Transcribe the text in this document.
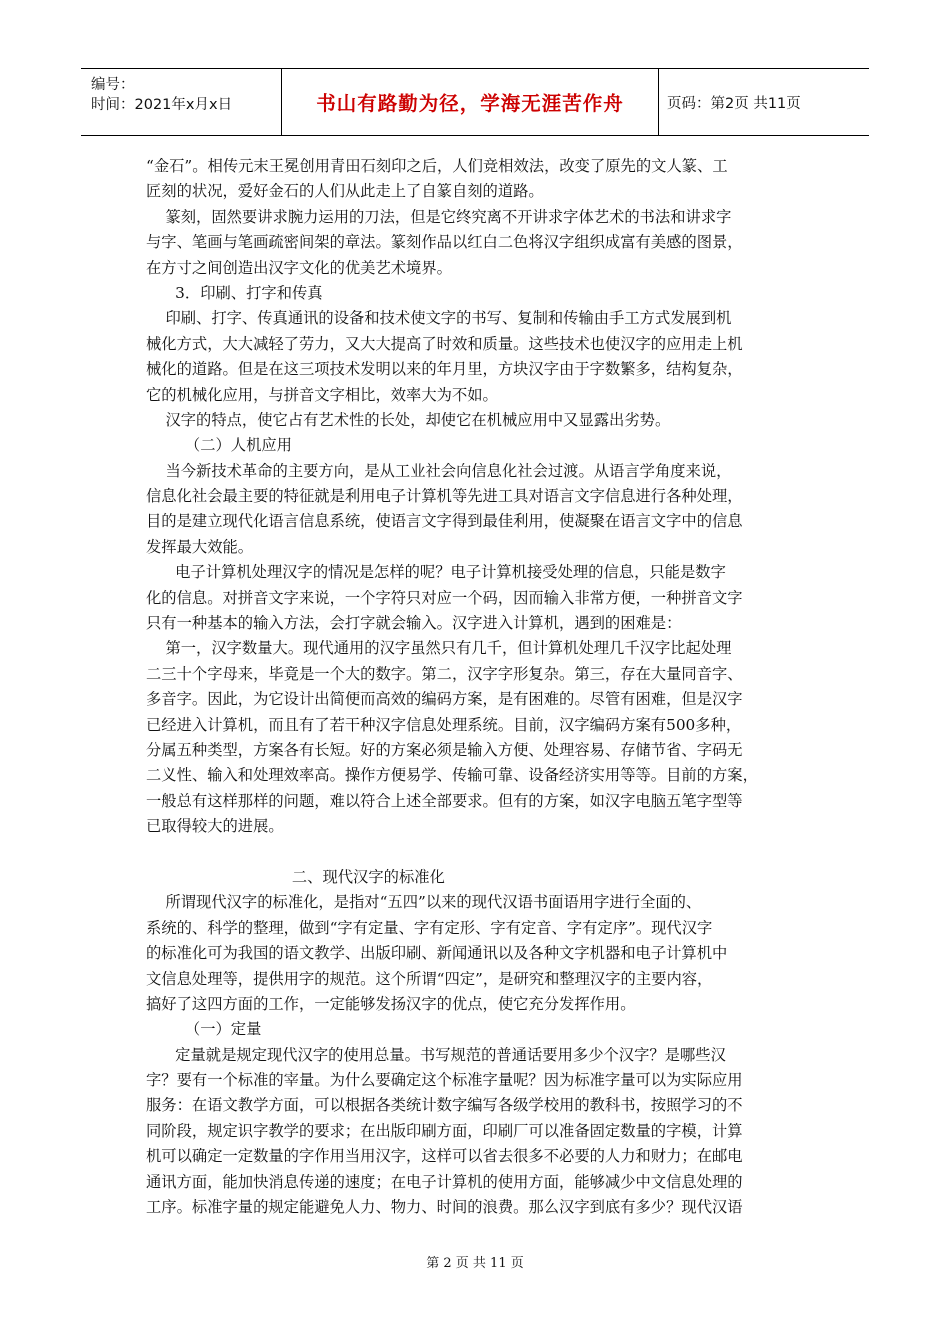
编号：
时间：2021年x月x日	书山有路勤为径，学海无涯苦作舟	页码：第2页 共11页
“金石”。相传元末王冕创用青田石刻印之后，人们竞相效法，改变了原先的文人篆、工
匠刻的状况，爱好金石的人们从此走上了自篆自刻的道路。
篆刻，固然要讲求腕力运用的刀法，但是它终究离不开讲求字体艺术的书法和讲求字
与字、笔画与笔画疏密间架的章法。篆刻作品以红白二色将汉字组织成富有美感的图景，
在方寸之间创造出汉字文化的优美艺术境界。
3．印刷、打字和传真
印刷、打字、传真通讯的设备和技术使文字的书写、复制和传输由手工方式发展到机
械化方式，大大减轻了劳力，又大大提高了时效和质量。这些技术也使汉字的应用走上机
械化的道路。但是在这三项技术发明以来的年月里，方块汉字由于字数繁多，结构复杂，
它的机械化应用，与拼音文字相比，效率大为不如。
汉字的特点，使它占有艺术性的长处，却使它在机械应用中又显露出劣势。
（二）人机应用
当今新技术革命的主要方向，是从工业社会向信息化社会过渡。从语言学角度来说，
信息化社会最主要的特征就是利用电子计算机等先进工具对语言文字信息进行各种处理，
目的是建立现代化语言信息系统，使语言文字得到最佳利用，使凝聚在语言文字中的信息
发挥最大效能。
电子计算机处理汉字的情况是怎样的呢？电子计算机接受处理的信息，只能是数字
化的信息。对拼音文字来说，一个字符只对应一个码，因而输入非常方便，一种拼音文字
只有一种基本的输入方法，会打字就会输入。汉字进入计算机，遇到的困难是：
第一，汉字数量大。现代通用的汉字虽然只有几千，但计算机处理几千汉字比起处理
二三十个字母来，毕竟是一个大的数字。第二，汉字字形复杂。第三，存在大量同音字、
多音字。因此，为它设计出简便而高效的编码方案，是有困难的。尽管有困难，但是汉字
已经进入计算机，而且有了若干种汉字信息处理系统。目前，汉字编码方案有500多种，
分属五种类型，方案各有长短。好的方案必须是输入方便、处理容易、存储节省、字码无
二义性、输入和处理效率高。操作方便易学、传输可靠、设备经济实用等等。目前的方案，
一般总有这样那样的问题，难以符合上述全部要求。但有的方案，如汉字电脑五笔字型等
已取得较大的进展。
二、现代汉字的标准化
所谓现代汉字的标准化，是指对“五四”以来的现代汉语书面语用字进行全面的、
系统的、科学的整理，做到“字有定量、字有定形、字有定音、字有定序”。现代汉字
的标准化可为我国的语文教学、出版印刷、新闻通讯以及各种文字机器和电子计算机中
文信息处理等，提供用字的规范。这个所谓“四定”，是研究和整理汉字的主要内容，
搞好了这四方面的工作，一定能够发扬汉字的优点，使它充分发挥作用。
（一）定量
定量就是规定现代汉字的使用总量。书写规范的普通话要用多少个汉字？是哪些汉
字？要有一个标准的宰量。为什么要确定这个标准字量呢？因为标准字量可以为实际应用
服务：在语文教学方面，可以根据各类统计数字编写各级学校用的教科书，按照学习的不
同阶段，规定识字教学的要求；在出版印刷方面，印刷厂可以准备固定数量的字模，计算
机可以确定一定数量的字作用当用汉字，这样可以省去很多不必要的人力和财力；在邮电
通讯方面，能加快消息传递的速度；在电子计算机的使用方面，能够减少中文信息处理的
工序。标准字量的规定能避免人力、物力、时间的浪费。那么汉字到底有多少？现代汉语
第 2 页 共 11 页
